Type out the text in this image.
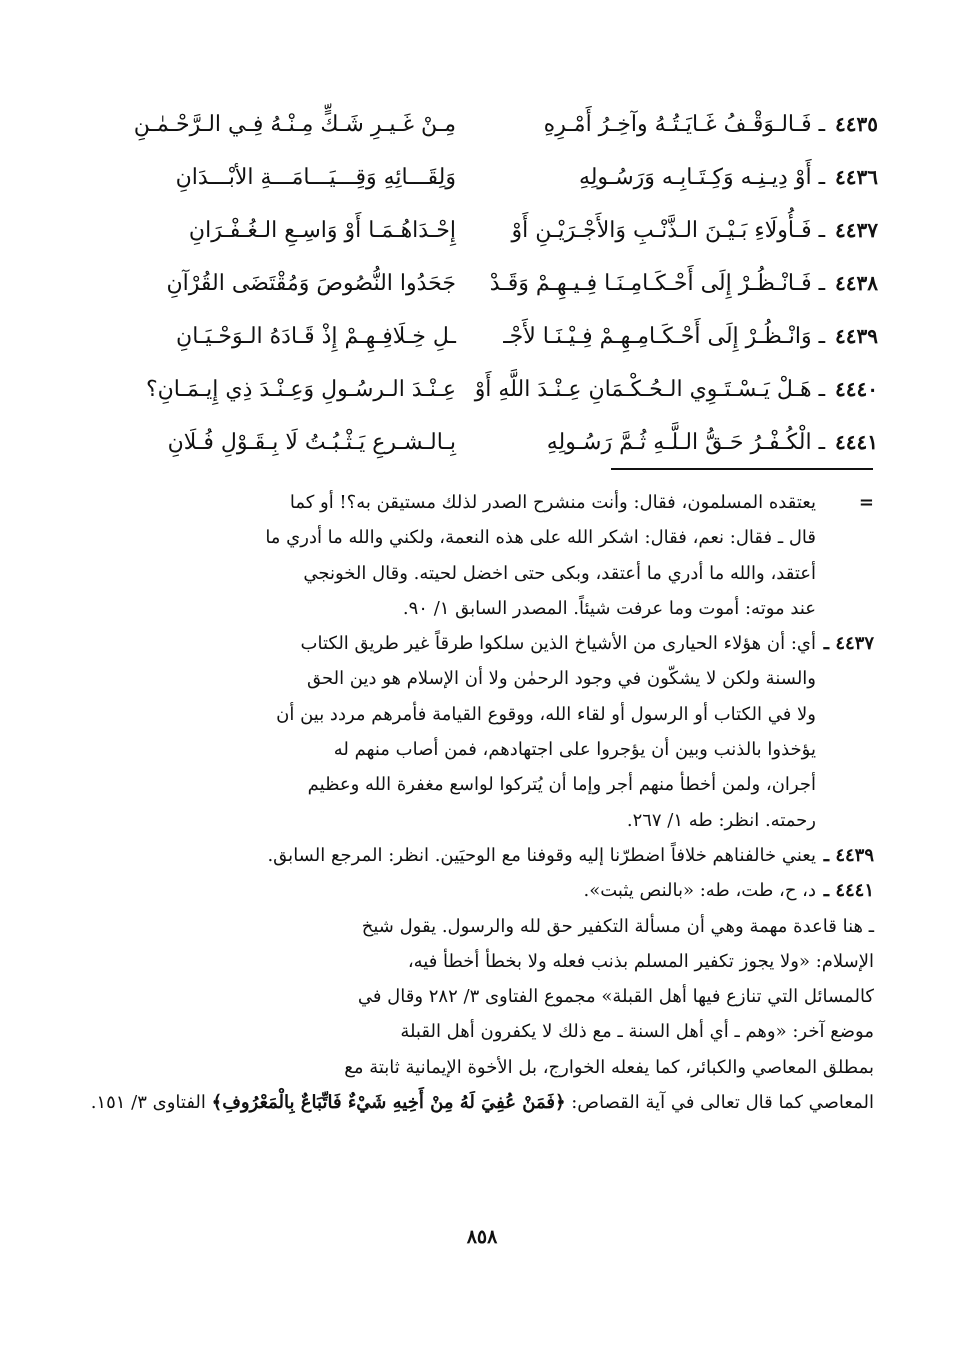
٤٤٣٥
ـ فَـالـوَقْـفُ غَـايَـتُـهُ وآخِـرُ أَمْـرِهِ
مِـنْ غَـيـرِ شَـكٍّ مِـنْـهُ فِـي الـرَّحْـمٰـنِ
٤٤٣٦
ـ أَوْ دِيـنِـه وَكِـتَـابِـه وَرَسُـولِهِ
وَلِقَـــائِهِ وَقِـــيَـــامَـــةِ الأبْـــدَانِ
٤٤٣٧
ـ فَـأُولَاءِ بَـيْـنَ الـذَّنْـبِ وَالأَجْـرَيْـنِ أَوْ
إِحْـدَاهُـمَـا أَوْ وَاسِـعِ الـغُـفْـرَانِ
٤٤٣٨
ـ فَـانْـظُـرْ إِلَى أَحْـكَـامِـنَـا فِـيـهِـمْ وَقَـدْ
جَحَدُوا النُّصُوصَ وَمُقْتَضَى القُرْآنِ
٤٤٣٩
ـ وَانْـظُـرْ إِلَى أَحْـكَـامِـهِـمْ فِـيْـنَـا لأَجْـ
ـلِ خِـلَافِـهِـمْ إِذْ قَـادَهُ الـوَحْـيَـانِ
٤٤٤٠
ـ هَـلْ يَـسْـتَـوِي الـحُـكْـمَانِ عِـنْـدَ اللَّهِ أَوْ
عِـنْـدَ الـرسُـولِ وَعِـنْـدَ ذِي إِيـمَـانِ؟
٤٤٤١
ـ الْكُـفْـرُ حَـقُّ الـلَّـهِ ثُـمَّ رَسُـولِهِ
بِـالـشـرعِ يَـثْـبُـتُ لَا بِـقَـوْلِ فُـلَانِ
=

يعتقده المسلمون، فقال: وأنت منشرح الصدر لذلك مستيقن به؟! أو كما

قال ـ فقال: نعم، فقال: اشكر الله على هذه النعمة، ولكني والله ما أدري ما

أعتقد، والله ما أدري ما أعتقد، وبكى حتى اخضل لحيته. وقال الخونجي

عند موته: أموت وما عرفت شيئاً. المصدر السابق ١/ ٩٠.

٤٤٣٧ ـ

أي: أن هؤلاء الحيارى من الأشياخ الذين سلكوا طرقاً غير طريق الكتاب

والسنة ولكن لا يشكّون في وجود الرحمٰن ولا أن الإسلام هو دين الحق

ولا في الكتاب أو الرسول أو لقاء الله، ووقوع القيامة فأمرهم مردد بين أن

يؤخذوا بالذنب وبين أن يؤجروا على اجتهادهم، فمن أصاب منهم له

أجران، ولمن أخطأ منهم أجر وإما أن يُتركوا لواسع مغفرة الله وعظيم

رحمته. انظر: طه ١/ ٢٦٧.

٤٤٣٩ ـ

يعني خالفناهم خلافاً اضطرّنا إليه وقوفنا مع الوحيَين. انظر: المرجع السابق.

٤٤٤١ ـ

د، ح، طت، طه: «بالنص يثبت».

ـ هنا قاعدة مهمة وهي أن مسألة التكفير حق لله والرسول. يقول شيخ

الإسلام: «ولا يجوز تكفير المسلم بذنب فعله ولا بخطأ أخطأ فيه،

كالمسائل التي تنازع فيها أهل القبلة» مجموع الفتاوى ٣/ ٢٨٢ وقال في

موضع آخر: «وهم ـ أي أهل السنة ـ مع ذلك لا يكفرون أهل القبلة

بمطلق المعاصي والكبائر، كما يفعله الخوارج، بل الأخوة الإيمانية ثابتة مع

المعاصي كما قال تعالى في آية القصاص: ﴿فَمَنْ عُفِيَ لَهُ مِنْ أَخِيهِ شَيْءٌ فَاتِّبَاعٌ بِالْمَعْرُوفِ﴾ الفتاوى ٣/ ١٥١.

٨٥٨
